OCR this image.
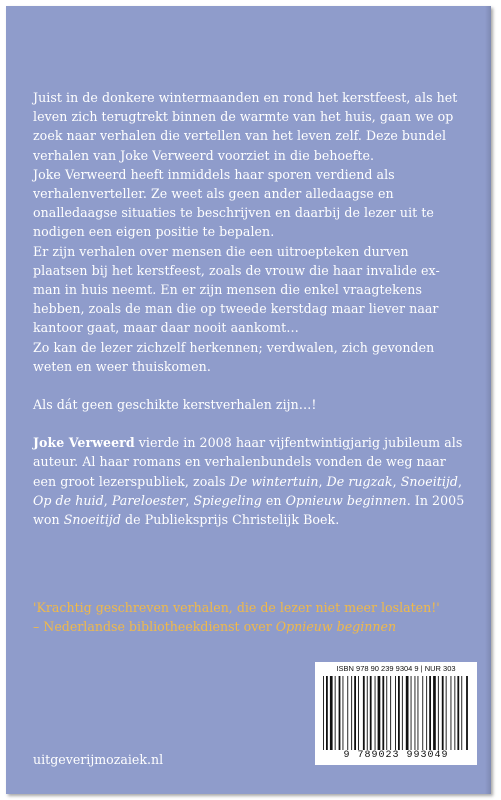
Juist in de donkere wintermaanden en rond het kerstfeest, als het leven zich terugtrekt binnen de warmte van het huis, gaan we op zoek naar verhalen die vertellen van het leven zelf. Deze bundel verhalen van Joke Verweerd voorziet in die behoefte.

Joke Verweerd heeft inmiddels haar sporen verdiend als verhalenverteller. Ze weet als geen ander alledaagse en onalledaagse situaties te beschrijven en daarbij de lezer uit te nodigen een eigen positie te bepalen.

Er zijn verhalen over mensen die een uitroepteken durven plaatsen bij het kerstfeest, zoals de vrouw die haar invalide ex-man in huis neemt. En er zijn mensen die enkel vraagtekens hebben, zoals de man die op tweede kerstdag maar liever naar kantoor gaat, maar daar nooit aankomt…

Zo kan de lezer zichzelf herkennen; verdwalen, zich gevonden weten en weer thuiskomen.

Als dát geen geschikte kerstverhalen zijn…!

Joke Verweerd vierde in 2008 haar vijfentwintigjarig jubileum als auteur. Al haar romans en verhalenbundels vonden de weg naar een groot lezerspubliek, zoals De wintertuin, De rugzak, Snoeitijd, Op de huid, Pareloester, Spiegeling en Opnieuw beginnen. In 2005 won Snoeitijd de Publieksprijs Christelijk Boek.

'Krachtig geschreven verhalen, die de lezer niet meer loslaten!'

– Nederlandse bibliotheekdienst over Opnieuw beginnen

ISBN 978 90 239 9304 9 | NUR 303
9 789023 993049
uitgeverijmozaiek.nl
